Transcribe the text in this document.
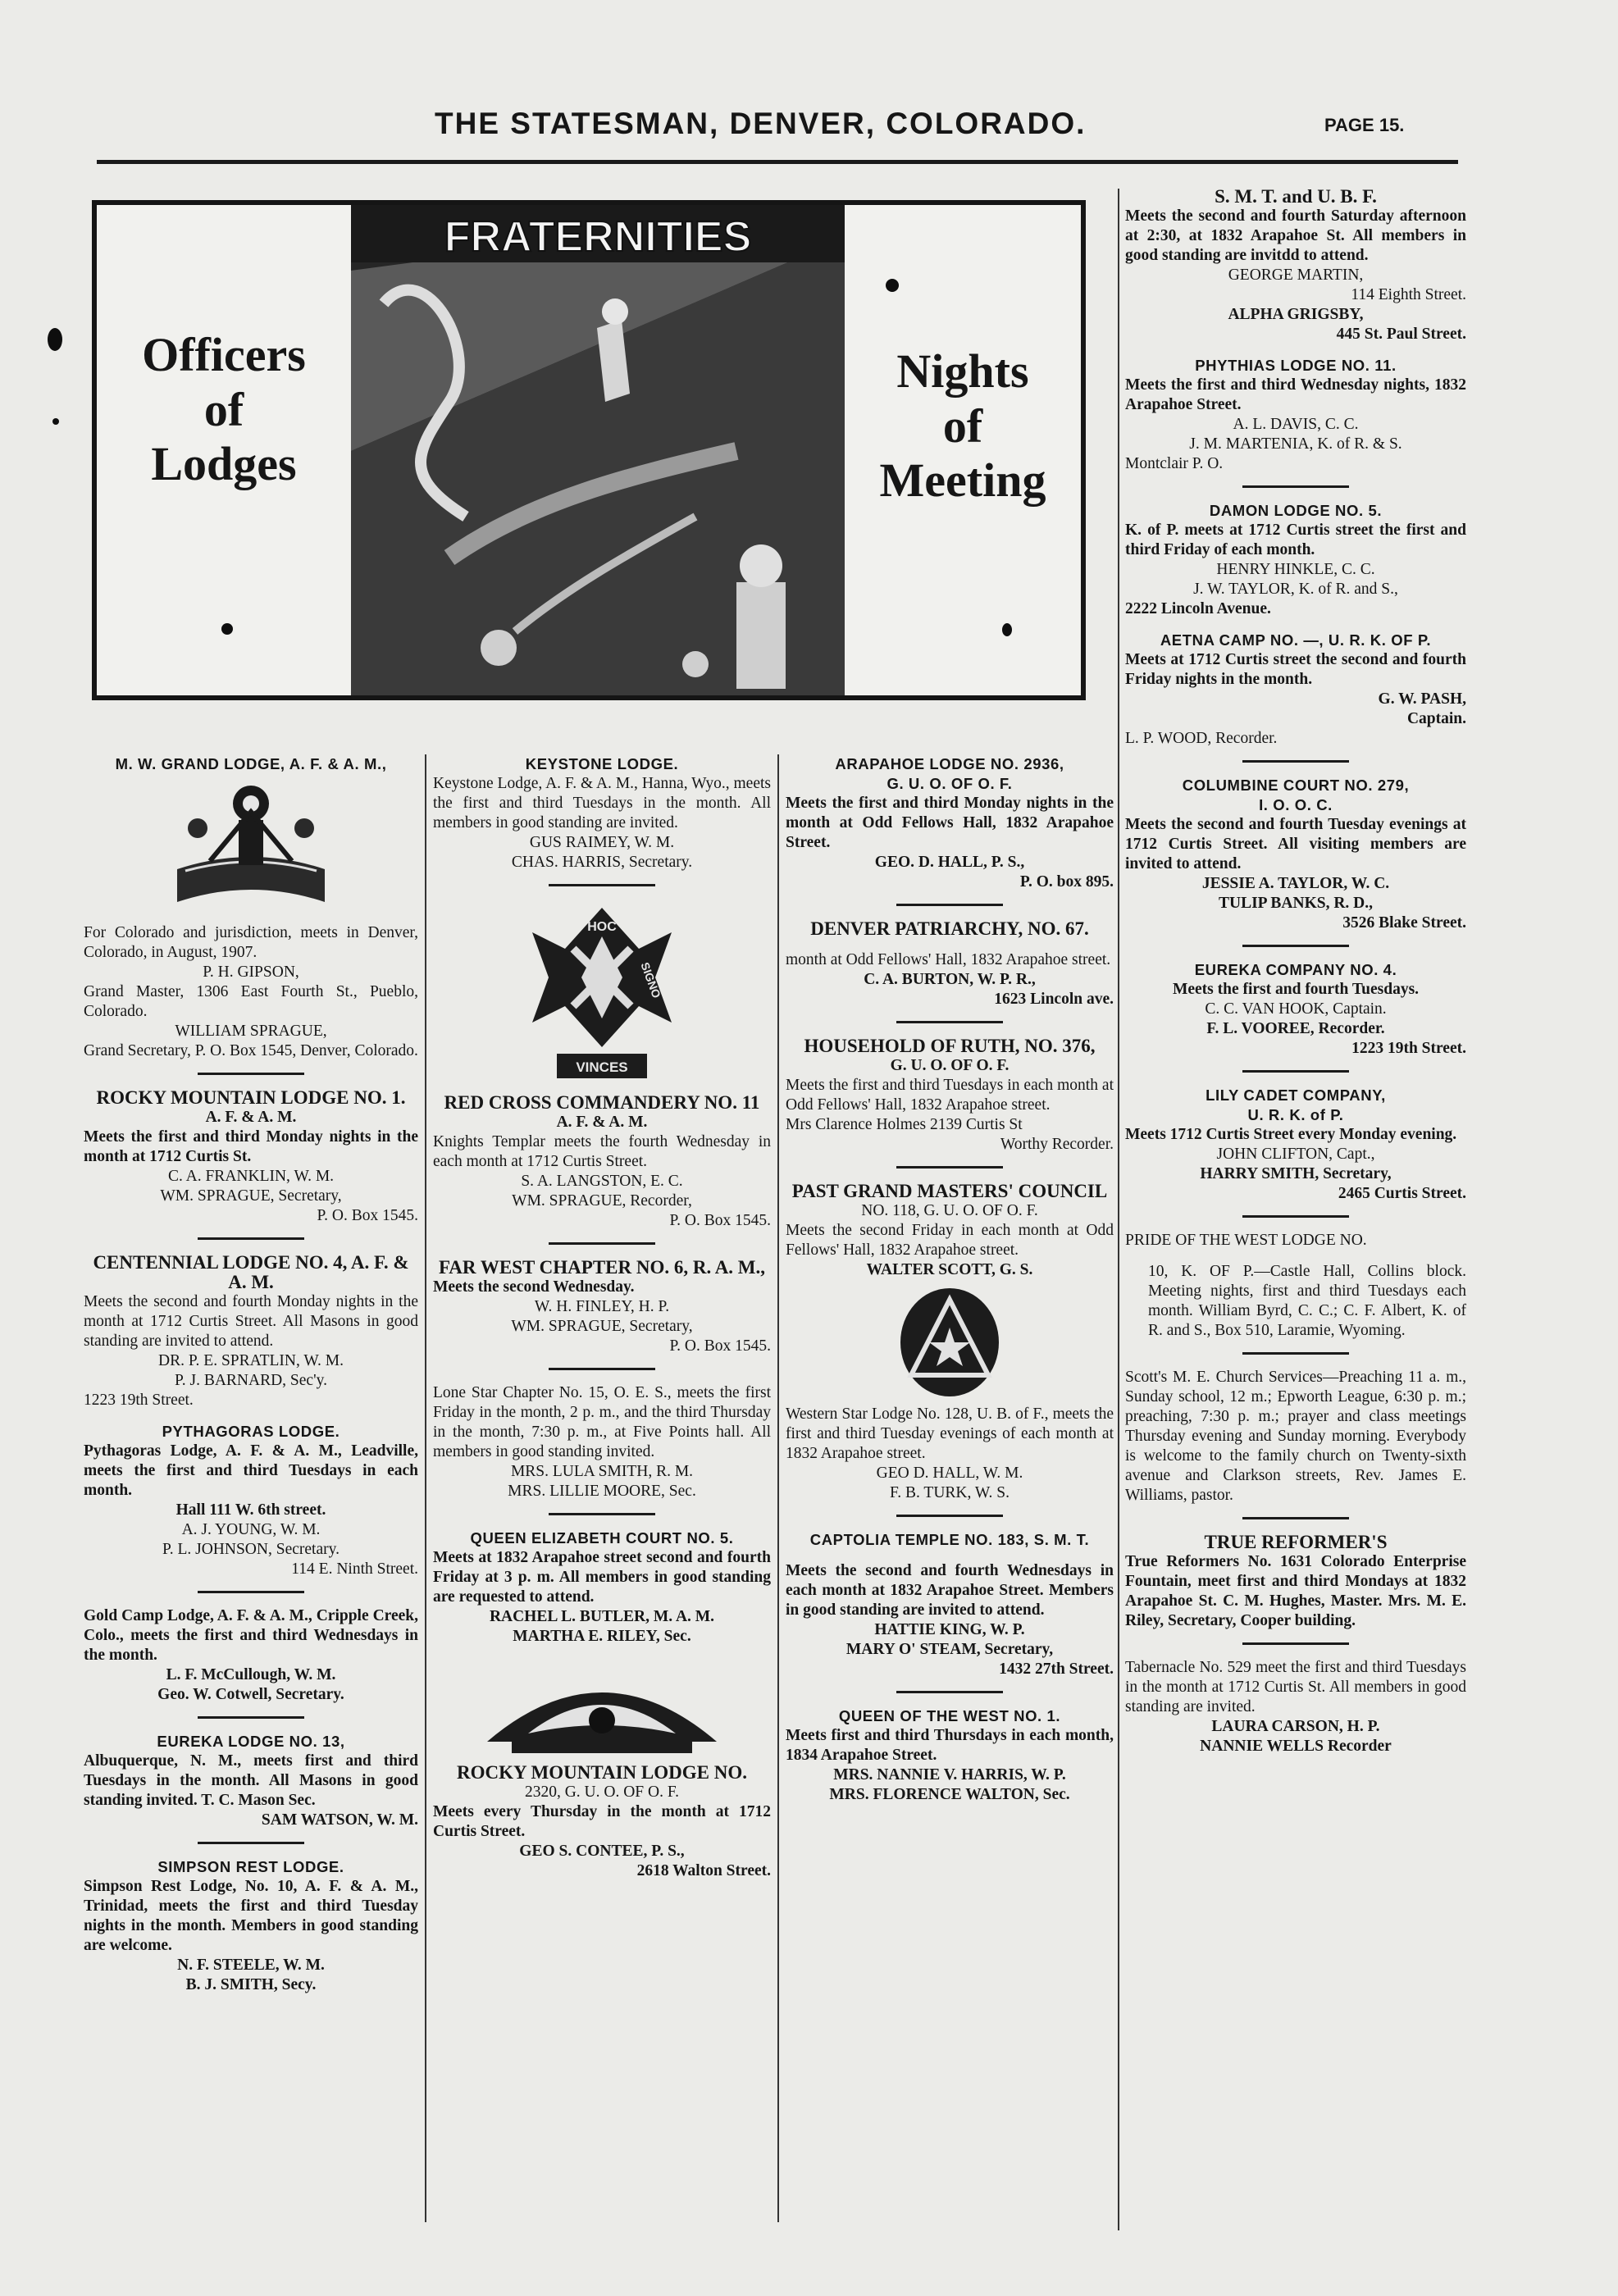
THE STATESMAN, DENVER, COLORADO.	PAGE 15.
Officers
of
Lodges
FRATERNITIES
Nights
of
Meeting
M. W. GRAND LODGE, A. F. & A. M.,

For Colorado and jurisdiction, meets in Denver, Colorado, in August, 1907.

P. H. GIPSON,

Grand Master, 1306 East Fourth St., Pueblo, Colorado.

WILLIAM SPRAGUE,

Grand Secretary, P. O. Box 1545, Denver, Colorado.

ROCKY MOUNTAIN LODGE NO. 1.
A. F. & A. M.

Meets the first and third Monday nights in the month at 1712 Curtis St.

C. A. FRANKLIN, W. M.
WM. SPRAGUE, Secretary,
P. O. Box 1545.
CENTENNIAL LODGE NO. 4, A. F. & A. M.

Meets the second and fourth Monday nights in the month at 1712 Curtis Street. All Masons in good standing are invited to attend.

DR. P. E. SPRATLIN, W. M.
P. J. BARNARD, Sec'y.
1223 19th Street.
PYTHAGORAS LODGE.

Pythagoras Lodge, A. F. & A. M., Leadville, meets the first and third Tuesdays in each month.

Hall 111 W. 6th street.
A. J. YOUNG, W. M.
P. L. JOHNSON, Secretary.
114 E. Ninth Street.

Gold Camp Lodge, A. F. & A. M., Cripple Creek, Colo., meets the first and third Wednesdays in the month.

L. F. McCullough, W. M.
Geo. W. Cotwell, Secretary.
EUREKA LODGE NO. 13,

Albuquerque, N. M., meets first and third Tuesdays in the month. All Masons in good standing invited. T. C. Mason Sec.

SAM WATSON, W. M.
SIMPSON REST LODGE.

Simpson Rest Lodge, No. 10, A. F. & A. M., Trinidad, meets the first and third Tuesday nights in the month. Members in good standing are welcome.

N. F. STEELE, W. M.
B. J. SMITH, Secy.
KEYSTONE LODGE.

Keystone Lodge, A. F. & A. M., Hanna, Wyo., meets the first and third Tuesdays in the month. All members in good standing are invited.

GUS RAIMEY, W. M.
CHAS. HARRIS, Secretary.
HOC
SIGNO
VINCES
RED CROSS COMMANDERY NO. 11
A. F. & A. M.

Knights Templar meets the fourth Wednesday in each month at 1712 Curtis Street.

S. A. LANGSTON, E. C.
WM. SPRAGUE, Recorder,
P. O. Box 1545.
FAR WEST CHAPTER NO. 6, R. A. M.,

Meets the second Wednesday.

W. H. FINLEY, H. P.
WM. SPRAGUE, Secretary,
P. O. Box 1545.

Lone Star Chapter No. 15, O. E. S., meets the first Friday in the month, 2 p. m., and the third Thursday in the month, 7:30 p. m., at Five Points hall. All members in good standing invited.

MRS. LULA SMITH, R. M.
MRS. LILLIE MOORE, Sec.
QUEEN ELIZABETH COURT NO. 5.

Meets at 1832 Arapahoe street second and fourth Friday at 3 p. m. All members in good standing are requested to attend.

RACHEL L. BUTLER, M. A. M.
MARTHA E. RILEY, Sec.
ROCKY MOUNTAIN LODGE NO.
2320, G. U. O. OF O. F.

Meets every Thursday in the month at 1712 Curtis Street.

GEO S. CONTEE, P. S.,
2618 Walton Street.
ARAPAHOE LODGE NO. 2936,
G. U. O. OF O. F.

Meets the first and third Monday nights in the month at Odd Fellows Hall, 1832 Arapahoe Street.

GEO. D. HALL, P. S.,
P. O. box 895.
DENVER PATRIARCHY, NO. 67.

month at Odd Fellows' Hall, 1832 Arapahoe street.

C. A. BURTON, W. P. R.,
1623 Lincoln ave.
HOUSEHOLD OF RUTH, NO. 376,
G. U. O. OF O. F.

Meets the first and third Tuesdays in each month at Odd Fellows' Hall, 1832 Arapahoe street.

Mrs Clarence Holmes 2139 Curtis St
Worthy Recorder.
PAST GRAND MASTERS' COUNCIL
NO. 118, G. U. O. OF O. F.

Meets the second Friday in each month at Odd Fellows' Hall, 1832 Arapahoe street.

WALTER SCOTT, G. S.

Western Star Lodge No. 128, U. B. of F., meets the first and third Tuesday evenings of each month at 1832 Arapahoe street.

GEO D. HALL, W. M.
F. B. TURK, W. S.
CAPTOLIA TEMPLE NO. 183, S. M. T.

Meets the second and fourth Wednesdays in each month at 1832 Arapahoe Street. Members in good standing are invited to attend.

HATTIE KING, W. P.
MARY O' STEAM, Secretary,
1432 27th Street.
QUEEN OF THE WEST NO. 1.

Meets first and third Thursdays in each month, 1834 Arapahoe Street.

MRS. NANNIE V. HARRIS, W. P.
MRS. FLORENCE WALTON, Sec.
S. M. T. and U. B. F.

Meets the second and fourth Saturday afternoon at 2:30, at 1832 Arapahoe St. All members in good standing are invitdd to attend.

GEORGE MARTIN,
114 Eighth Street.
ALPHA GRIGSBY,
445 St. Paul Street.
PHYTHIAS LODGE NO. 11.

Meets the first and third Wednesday nights, 1832 Arapahoe Street.

A. L. DAVIS, C. C.
J. M. MARTENIA, K. of R. & S.
Montclair P. O.
DAMON LODGE NO. 5.

K. of P. meets at 1712 Curtis street the first and third Friday of each month.

HENRY HINKLE, C. C.
J. W. TAYLOR, K. of R. and S.,
2222 Lincoln Avenue.
AETNA CAMP NO. —, U. R. K. OF P.

Meets at 1712 Curtis street the second and fourth Friday nights in the month.

G. W. PASH,
Captain.
L. P. WOOD, Recorder.
COLUMBINE COURT NO. 279,
I. O. O. C.

Meets the second and fourth Tuesday evenings at 1712 Curtis Street. All visiting members are invited to attend.

JESSIE A. TAYLOR, W. C.
TULIP BANKS, R. D.,
3526 Blake Street.
EUREKA COMPANY NO. 4.
Meets the first and fourth Tuesdays.
C. C. VAN HOOK, Captain.
F. L. VOOREE, Recorder.
1223 19th Street.
LILY CADET COMPANY,
U. R. K. of P.

Meets 1712 Curtis Street every Monday evening.

JOHN CLIFTON, Capt.,
HARRY SMITH, Secretary,
2465 Curtis Street.
PRIDE OF THE WEST LODGE NO.

10, K. OF P.—Castle Hall, Collins block. Meeting nights, first and third Tuesdays each month. William Byrd, C. C.; C. F. Albert, K. of R. and S., Box 510, Laramie, Wyoming.

Scott's M. E. Church Services—Preaching 11 a. m., Sunday school, 12 m.; Epworth League, 6:30 p. m.; preaching, 7:30 p. m.; prayer and class meetings Thursday evening and Sunday morning. Everybody is welcome to the family church on Twenty-sixth avenue and Clarkson streets, Rev. James E. Williams, pastor.

TRUE REFORMER'S

True Reformers No. 1631 Colorado Enterprise Fountain, meet first and third Mondays at 1832 Arapahoe St. C. M. Hughes, Master. Mrs. M. E. Riley, Secretary, Cooper building.

Tabernacle No. 529 meet the first and third Tuesdays in the month at 1712 Curtis St. All members in good standing are invited.

LAURA CARSON, H. P.
NANNIE WELLS Recorder
